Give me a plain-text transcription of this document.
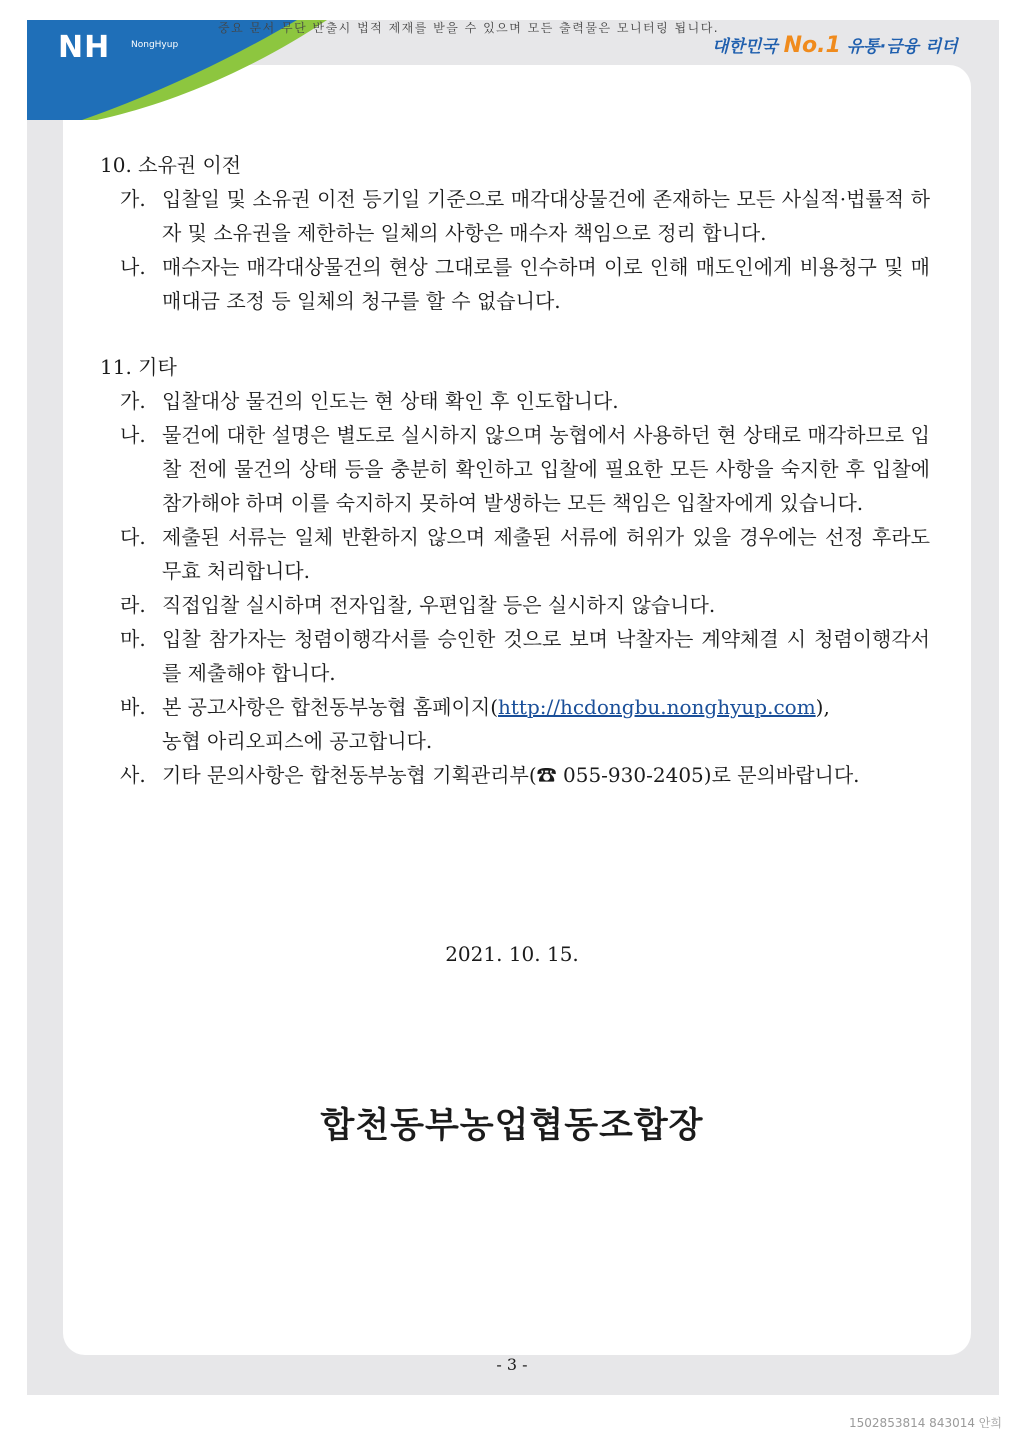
NH NongHyup
중요 문서 무단 반출시 법적 제재를 받을 수 있으며 모든 출력물은 모니터링 됩니다.
대한민국 No.1 유통·금융 리더
10. 소유권 이전
가. 입찰일 및 소유권 이전 등기일 기준으로 매각대상물건에 존재하는 모든 사실적·법률적 하자 및 소유권을 제한하는 일체의 사항은 매수자 책임으로 정리 합니다.
나. 매수자는 매각대상물건의 현상 그대로를 인수하며 이로 인해 매도인에게 비용청구 및 매매대금 조정 등 일체의 청구를 할 수 없습니다.
11. 기타
가. 입찰대상 물건의 인도는 현 상태 확인 후 인도합니다.
나. 물건에 대한 설명은 별도로 실시하지 않으며 농협에서 사용하던 현 상태로 매각하므로 입찰 전에 물건의 상태 등을 충분히 확인하고 입찰에 필요한 모든 사항을 숙지한 후 입찰에 참가해야 하며 이를 숙지하지 못하여 발생하는 모든 책임은 입찰자에게 있습니다.
다. 제출된 서류는 일체 반환하지 않으며 제출된 서류에 허위가 있을 경우에는 선정 후라도 무효 처리합니다.
라. 직접입찰 실시하며 전자입찰, 우편입찰 등은 실시하지 않습니다.
마. 입찰 참가자는 청렴이행각서를 승인한 것으로 보며 낙찰자는 계약체결 시 청렴이행각서를 제출해야 합니다.
바. 본 공고사항은 합천동부농협 홈페이지(http://hcdongbu.nonghyup.com),
농협 아리오피스에 공고합니다.
사. 기타 문의사항은 합천동부농협 기획관리부(☎ 055-930-2405)로 문의바랍니다.
2021. 10. 15.
합천동부농업협동조합장
- 3 -
1502853814 843014 안희
